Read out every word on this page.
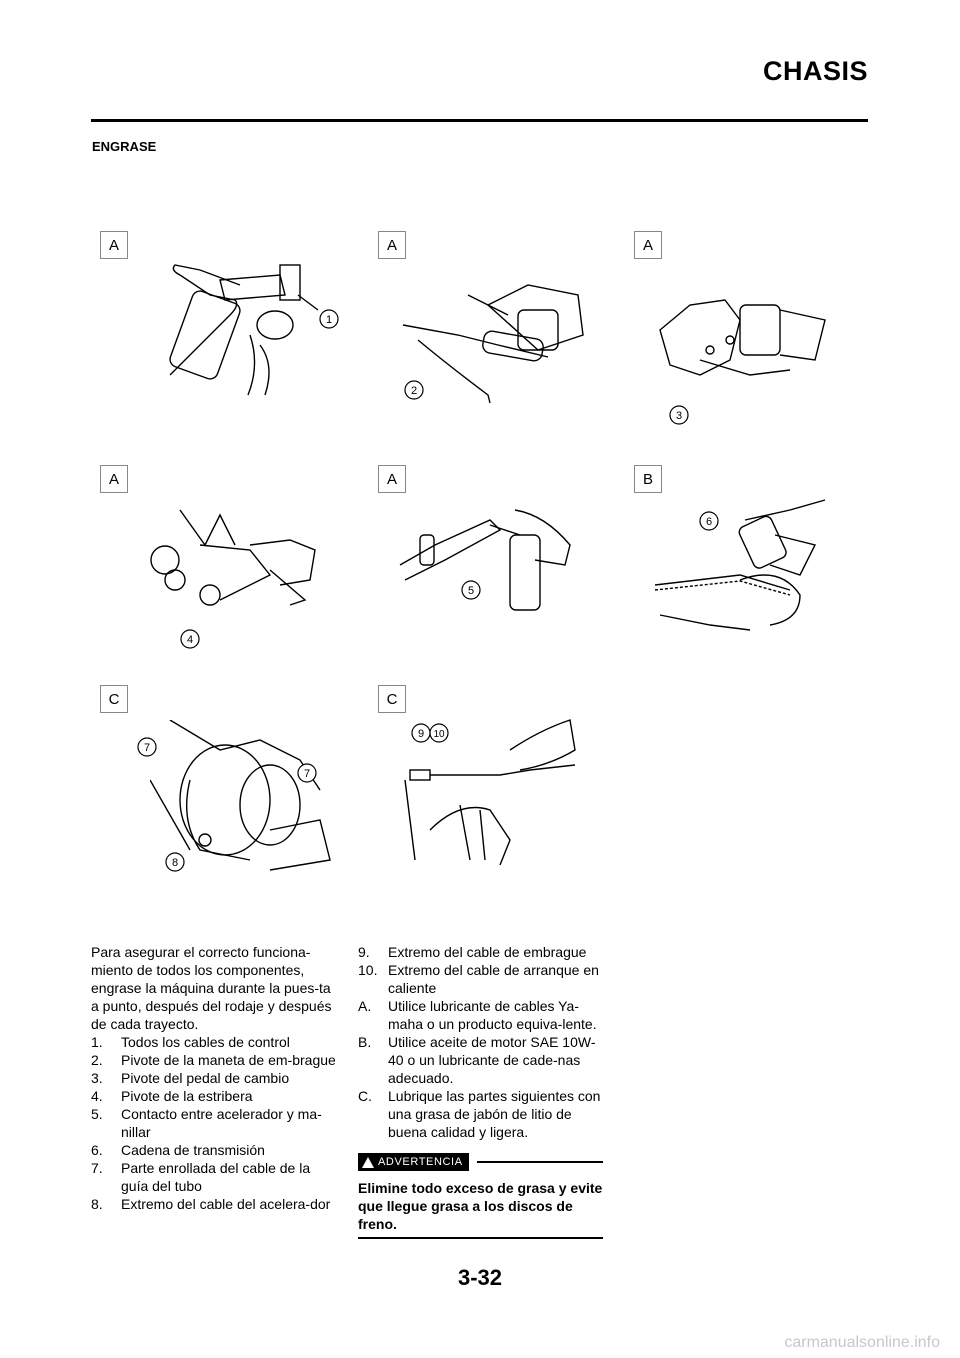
CHASIS
ENGRASE
A
1
A
2
A
3
A
4
A
5
B
6
C
7
7
8
C
9 10
Para asegurar el correcto funciona-miento de todos los componentes, engrase la máquina durante la pues-ta a punto, después del rodaje y después de cada trayecto.
1.	Todos los cables de control
2.	Pivote de la maneta de em-brague
3.	Pivote del pedal de cambio
4.	Pivote de la estribera
5.	Contacto entre acelerador y ma-nillar
6.	Cadena de transmisión
7.	Parte enrollada del cable de la guía del tubo
8.	Extremo del cable del acelera-dor
9.	Extremo del cable de embrague
10. Extremo del cable de arranque en caliente
A.	Utilice lubricante de cables Ya-maha o un producto equiva-lente.
B.	Utilice aceite de motor SAE 10W-40 o un lubricante de cade-nas adecuado.
C.	Lubrique las partes siguientes con una grasa de jabón de litio de buena calidad y ligera.
ADVERTENCIA
Elimine todo exceso de grasa y evite que llegue grasa a los discos de freno.
3-32
carmanualsonline.info
